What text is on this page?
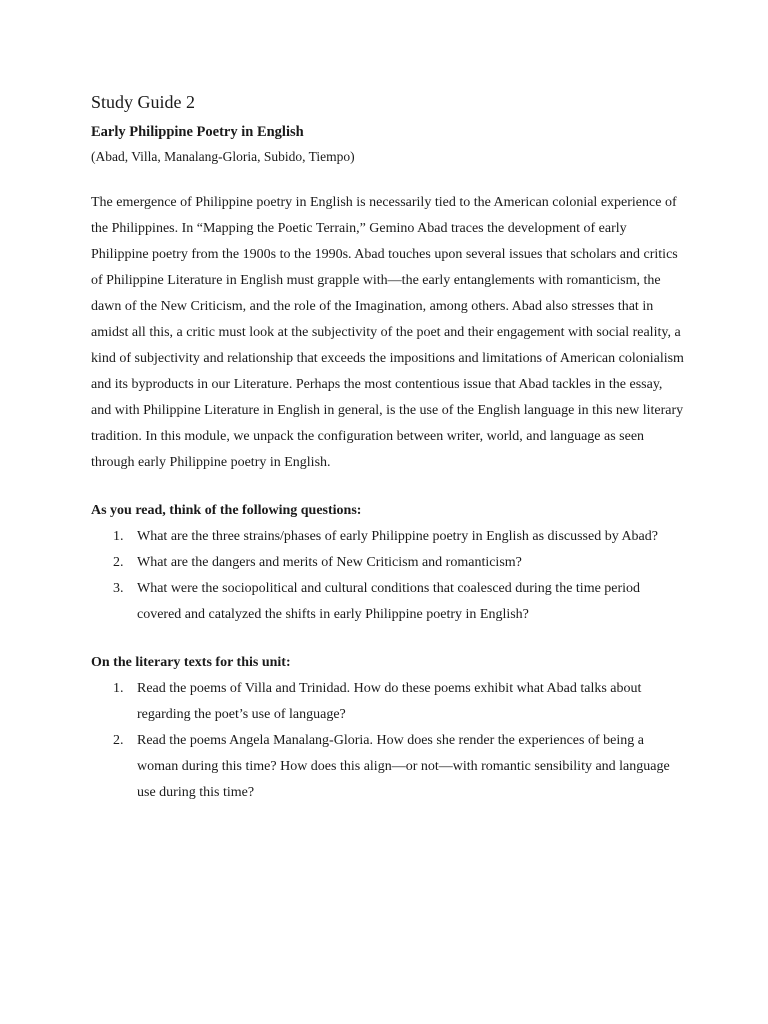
Study Guide 2
Early Philippine Poetry in English
(Abad, Villa, Manalang-Gloria, Subido, Tiempo)

The emergence of Philippine poetry in English is necessarily tied to the American colonial experience of the Philippines. In “Mapping the Poetic Terrain,” Gemino Abad traces the development of early Philippine poetry from the 1900s to the 1990s. Abad touches upon several issues that scholars and critics of Philippine Literature in English must grapple with—the early entanglements with romanticism, the dawn of the New Criticism, and the role of the Imagination, among others. Abad also stresses that in amidst all this, a critic must look at the subjectivity of the poet and their engagement with social reality, a kind of subjectivity and relationship that exceeds the impositions and limitations of American colonialism and its byproducts in our Literature. Perhaps the most contentious issue that Abad tackles in the essay, and with Philippine Literature in English in general, is the use of the English language in this new literary tradition. In this module, we unpack the configuration between writer, world, and language as seen through early Philippine poetry in English.

As you read, think of the following questions:
1. What are the three strains/phases of early Philippine poetry in English as discussed by Abad?
2. What are the dangers and merits of New Criticism and romanticism?
3. What were the sociopolitical and cultural conditions that coalesced during the time period covered and catalyzed the shifts in early Philippine poetry in English?
On the literary texts for this unit:
1. Read the poems of Villa and Trinidad. How do these poems exhibit what Abad talks about regarding the poet’s use of language?
2. Read the poems Angela Manalang-Gloria. How does she render the experiences of being a woman during this time? How does this align—or not—with romantic sensibility and language use during this time?
